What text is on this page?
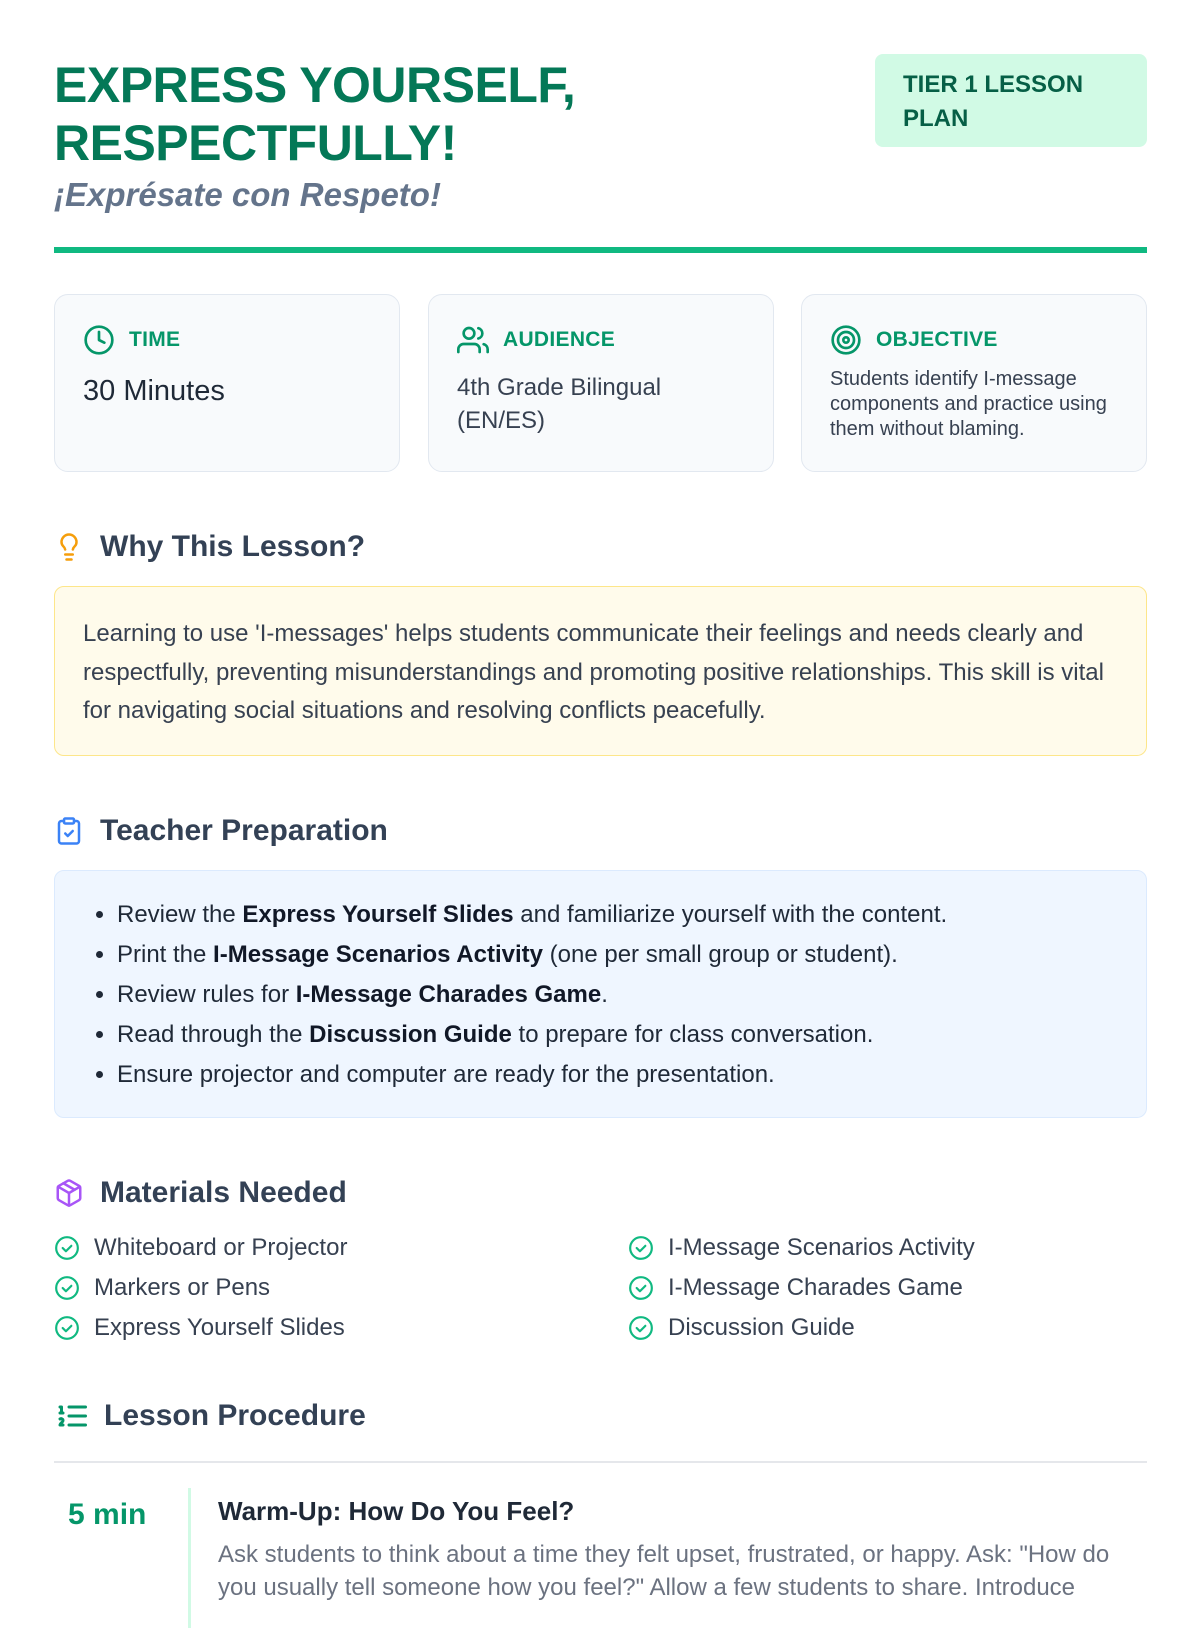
EXPRESS YOURSELF, RESPECTFULLY!
¡Exprésate con Respeto!
TIER 1 LESSON PLAN
TIME
30 Minutes
AUDIENCE
4th Grade Bilingual (EN/ES)
OBJECTIVE
Students identify I-message components and practice using them without blaming.
Why This Lesson?
Learning to use 'I-messages' helps students communicate their feelings and needs clearly and respectfully, preventing misunderstandings and promoting positive relationships. This skill is vital for navigating social situations and resolving conflicts peacefully.
Teacher Preparation
• Review the Express Yourself Slides and familiarize yourself with the content.
• Print the I-Message Scenarios Activity (one per small group or student).
• Review rules for I-Message Charades Game.
• Read through the Discussion Guide to prepare for class conversation.
• Ensure projector and computer are ready for the presentation.
Materials Needed
Whiteboard or Projector	I-Message Scenarios Activity
Markers or Pens	I-Message Charades Game
Express Yourself Slides	Discussion Guide
Lesson Procedure
5 min	Warm-Up: How Do You Feel?
Ask students to think about a time they felt upset, frustrated, or happy. Ask: "How do you usually tell someone how you feel?" Allow a few students to share. Introduce
